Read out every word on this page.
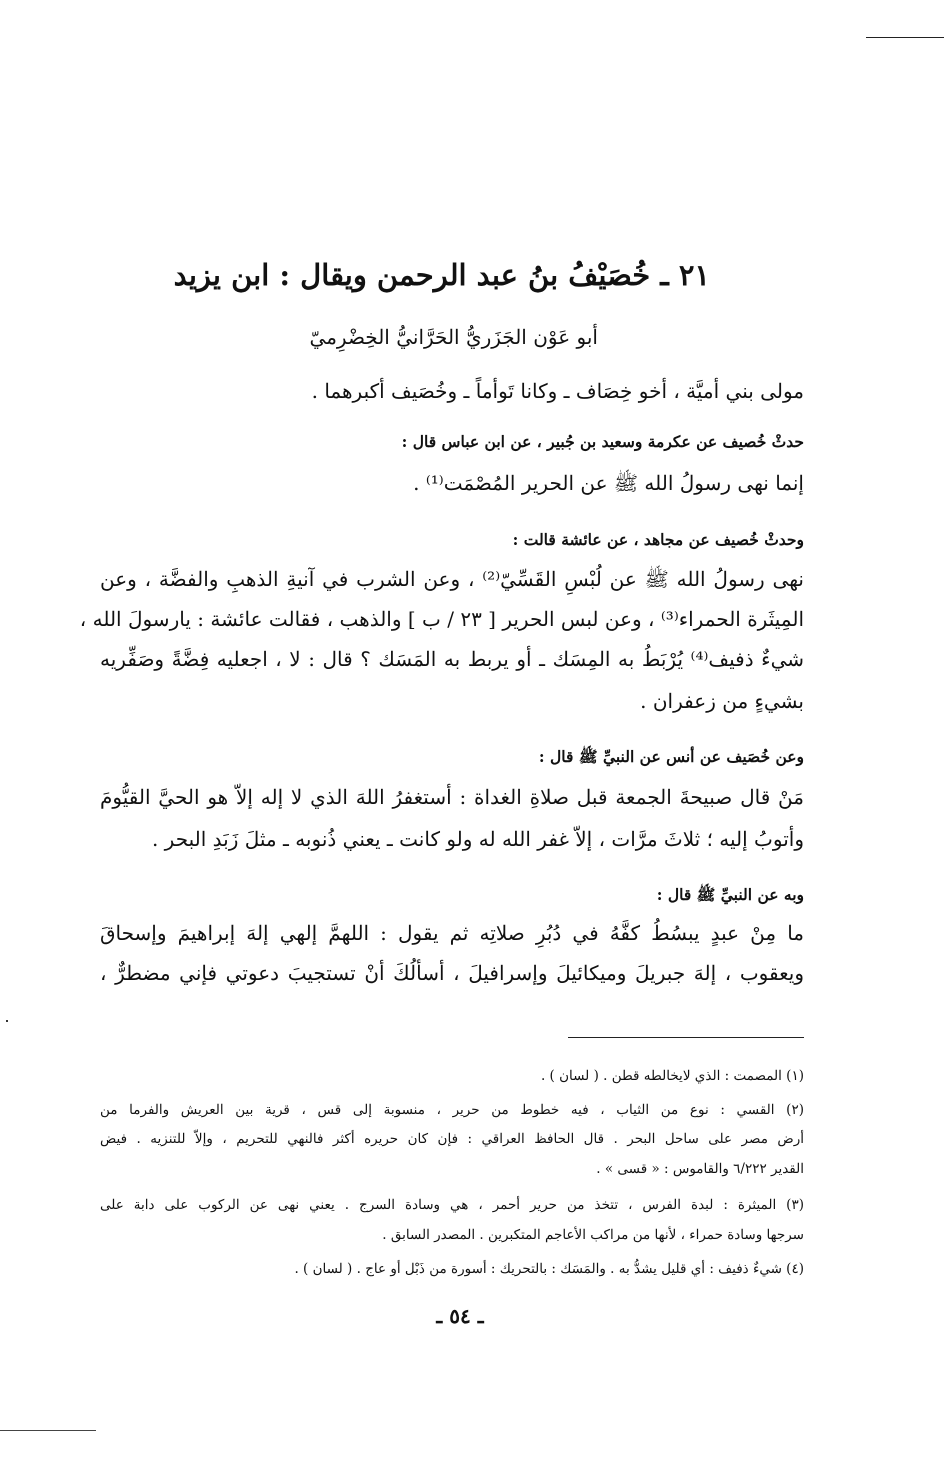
٢١ ـ خُصَيْفُ بنُ عبد الرحمن ويقال : ابن يزيد
أبو عَوْن الجَزَريُّ الحَرَّانيُّ الخِضْرِميّ
مولى بني أميَّة ، أخو خِصَاف ـ وكانا تَوأماً ـ وخُصَيف أكبرهما .
حدثْ خُصيف عن عكرمة وسعيد بن جُبير ، عن ابن عباس قال :
إنما نهى رسولُ الله ﷺ عن الحرير المُصْمَت⁽¹⁾ .
وحدثْ خُصيف عن مجاهد ، عن عائشة قالت :
نهى رسولُ الله ﷺ عن لُبْسِ القَسِّيّ⁽²⁾ ، وعن الشرب في آنيةِ الذهبِ والفضَّة ، وعن
المِيثَرة الحمراء⁽³⁾ ، وعن لبس الحرير [ ٢٣ / ب ] والذهب ، فقالت عائشة : يارسولَ الله ،
شيءٌ ذفيف⁽⁴⁾ يُرْبَطُ به المِسَك ـ أو يربط به المَسَك ؟ قال : لا ، اجعليه فِضَّةً وصَفِّريه
بشيءٍ من زعفران .
وعن خُصَيف عن أنس عن النبيِّ ﷺ قال :
مَنْ قال صبيحةَ الجمعة قبل صلاةِ الغداة : أستغفرُ اللهَ الذي لا إله إلاّ هو الحيَّ القيُّومَ
وأتوبُ إليه ؛ ثلاثَ مرَّات ، إلاّ غفر الله له ولو كانت ـ يعني ذُنوبه ـ مثلَ زَبَدِ البحر .
وبه عن النبيِّ ﷺ قال :
ما مِنْ عبدٍ يبسُطُ كفَّهُ في دُبُرِ صلاتِه ثم يقول : اللهمَّ إلهي إلهَ إبراهيمَ وإسحاقَ
ويعقوب ، إلهَ جبريلَ وميكائيلَ وإسرافيلَ ، أسألُكَ أنْ تستجيبَ دعوتي فإني مضطرٌّ ،
(١) المصمت : الذي لايخالطه قطن . ( لسان ) .
(٢) القسي : نوع من الثياب ، فيه خطوط من حرير ، منسوبة إلى قس ، قرية بين العريش والفرما من
أرض مصر على ساحل البحر . قال الحافظ العراقي : فإن كان حريره أكثر فالنهي للتحريم ، وإلاّ للتنزيه . فيض
القدير ٦/٢٢٢ والقاموس : « قسى » .
(٣) الميثرة : لبدة الفرس ، تتخذ من حرير أحمر ، هي وسادة السرج . يعني نهى عن الركوب على دابة على
سرجها وسادة حمراء ، لأنها من مراكب الأعاجم المتكبرين . المصدر السابق .
(٤) شيءٌ ذفيف : أي قليل يشدُّ به . والمَسَك : بالتحريك : أسورة من ذَبْل أو عاج . ( لسان ) .
ـ ٥٤ ـ
